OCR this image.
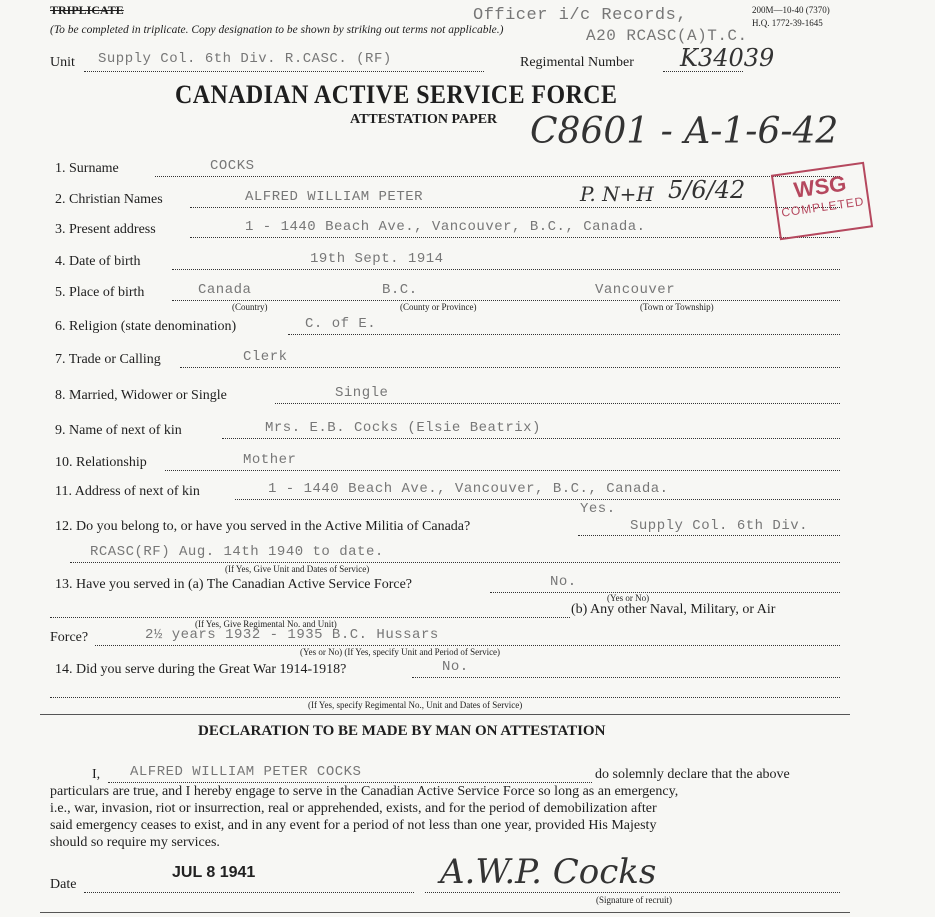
TRIPLICATE
(To be completed in triplicate. Copy designation to be shown by striking out terms not applicable.)
Officer i/c Records,
A20 RCASC(A)T.C.
200M—10-40 (7370)
H.Q. 1772-39-1645
Unit Supply Col. 6th Div. R.CASC. (RF)	Regimental Number K34039
CANADIAN ACTIVE SERVICE FORCE
ATTESTATION PAPER C8601 - A-1-6-42
1. Surname	COCKS
2. Christian Names	ALFRED WILLIAM PETER	P. N+H 5/6/42
3. Present address	1 - 1440 Beach Ave., Vancouver, B.C., Canada.
4. Date of birth	19th Sept. 1914
5. Place of birth	Canada	B.C.	Vancouver
(Country)	(County or Province)	(Town or Township)
6. Religion (state denomination)	C. of E.
7. Trade or Calling	Clerk
8. Married, Widower or Single	Single
9. Name of next of kin	Mrs. E.B. Cocks (Elsie Beatrix)
10. Relationship	Mother
11. Address of next of kin	1 - 1440 Beach Ave., Vancouver, B.C., Canada.
12. Do you belong to, or have you served in the Active Militia of Canada?
Yes.
Supply Col. 6th Div.
RCASC(RF) Aug. 14th 1940 to date.
(If Yes, Give Unit and Dates of Service)
13. Have you served in (a) The Canadian Active Service Force?	No.
(Yes or No)
(b) Any other Naval, Military, or Air
(If Yes, Give Regimental No. and Unit)
Force?	2½ years 1932 - 1935 B.C. Hussars
(Yes or No) (If Yes, specify Unit and Period of Service)
14. Did you serve during the Great War 1914-1918?	No.
(If Yes, specify Regimental No., Unit and Dates of Service)
WSG
COMPLETED
DECLARATION TO BE MADE BY MAN ON ATTESTATION
I, ALFRED WILLIAM PETER COCKS	do solemnly declare that the above
particulars are true, and I hereby engage to serve in the Canadian Active Service Force so long as an emergency,
i.e., war, invasion, riot or insurrection, real or apprehended, exists, and for the period of demobilization after
said emergency ceases to exist, and in any event for a period of not less than one year, provided His Majesty
should so require my services.
Date
JUL 8 1941	A.W.P. Cocks
(Signature of recruit)
